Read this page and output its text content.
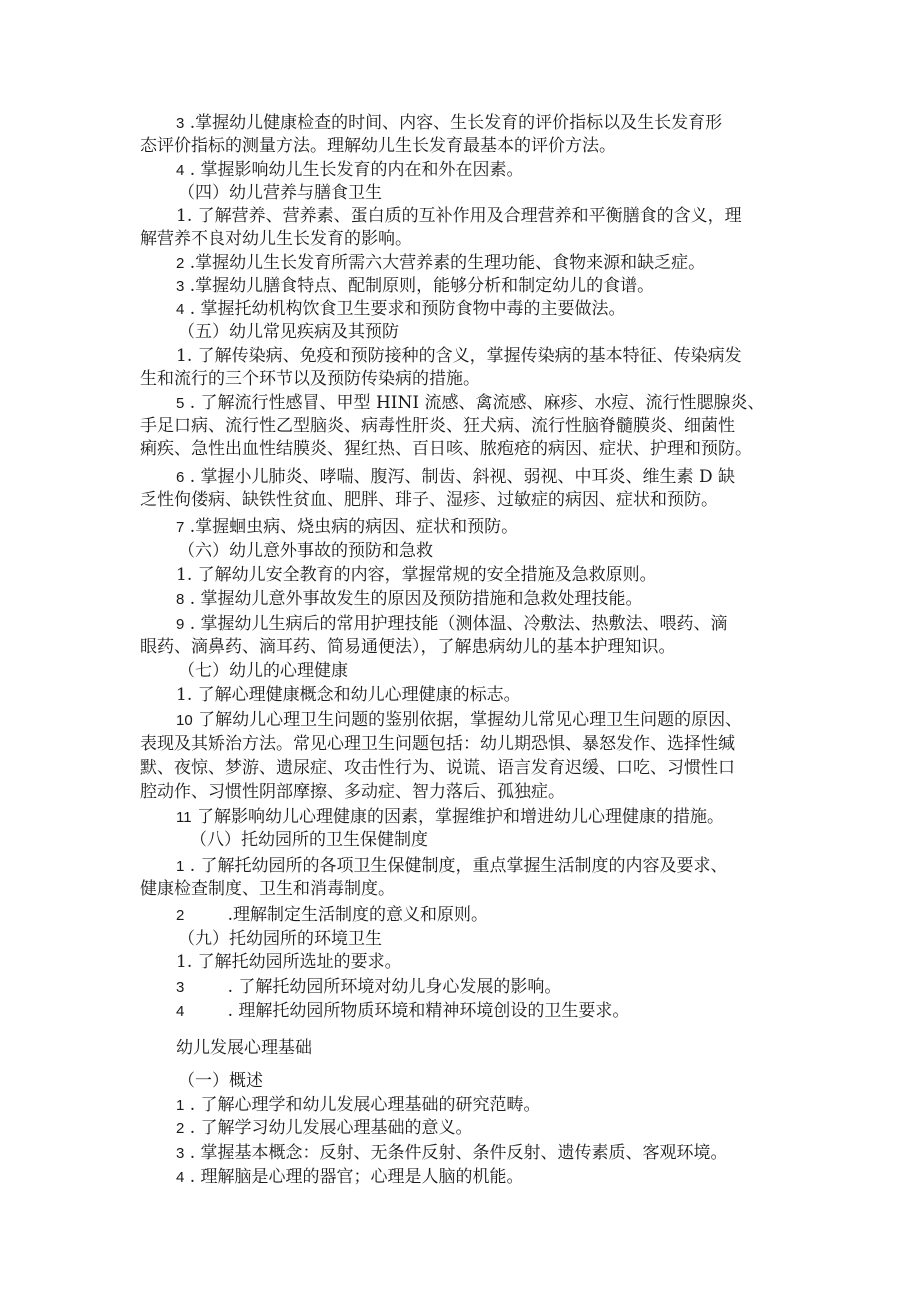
3 .掌握幼儿健康检查的时间、内容、生长发育的评价指标以及生长发育形
态评价指标的测量方法。理解幼儿生长发育最基本的评价方法。
4 . 掌握影响幼儿生长发育的内在和外在因素。
（四）幼儿营养与膳食卫生
1. 了解营养、营养素、蛋白质的互补作用及合理营养和平衡膳食的含义，理
解营养不良对幼儿生长发育的影响。
2 .掌握幼儿生长发育所需六大营养素的生理功能、食物来源和缺乏症。
3 .掌握幼儿膳食特点、配制原则，能够分析和制定幼儿的食谱。
4 . 掌握托幼机构饮食卫生要求和预防食物中毒的主要做法。
（五）幼儿常见疾病及其预防
1. 了解传染病、免疫和预防接种的含义，掌握传染病的基本特征、传染病发
生和流行的三个环节以及预防传染病的措施。
5 . 了解流行性感冒、甲型 HINI 流感、禽流感、麻疹、水痘、流行性腮腺炎、
手足口病、流行性乙型脑炎、病毒性肝炎、狂犬病、流行性脑脊髓膜炎、细菌性
痢疾、急性出血性结膜炎、猩红热、百日咳、脓疱疮的病因、症状、护理和预防。
6 . 掌握小儿肺炎、哮喘、腹泻、制齿、斜视、弱视、中耳炎、维生素 D 缺
乏性佝偻病、缺铁性贫血、肥胖、琲子、湿疹、过敏症的病因、症状和预防。
7 .掌握蛔虫病、烧虫病的病因、症状和预防。
（六）幼儿意外事故的预防和急救
1. 了解幼儿安全教育的内容，掌握常规的安全措施及急救原则。
8 . 掌握幼儿意外事故发生的原因及预防措施和急救处理技能。
9 . 掌握幼儿生病后的常用护理技能（测体温、冷敷法、热敷法、喂药、滴
眼药、滴鼻药、滴耳药、简易通便法），了解患病幼儿的基本护理知识。
（七）幼儿的心理健康
1. 了解心理健康概念和幼儿心理健康的标志。
10 了解幼儿心理卫生问题的鉴别依据，掌握幼儿常见心理卫生问题的原因、
表现及其矫治方法。常见心理卫生问题包括：幼儿期恐惧、暴怒发作、选择性缄
默、夜惊、梦游、遗尿症、攻击性行为、说谎、语言发育迟缓、口吃、习惯性口
腔动作、习惯性阴部摩擦、多动症、智力落后、孤独症。
11 了解影响幼儿心理健康的因素，掌握维护和增进幼儿心理健康的措施。
（八）托幼园所的卫生保健制度
1 . 了解托幼园所的各项卫生保健制度，重点掌握生活制度的内容及要求、
健康检查制度、卫生和消毒制度。
2        .理解制定生活制度的意义和原则。
（九）托幼园所的环境卫生
1. 了解托幼园所选址的要求。
3        . 了解托幼园所环境对幼儿身心发展的影响。
4        . 理解托幼园所物质环境和精神环境创设的卫生要求。
幼儿发展心理基础
（一）概述
1 . 了解心理学和幼儿发展心理基础的研究范畴。
2 . 了解学习幼儿发展心理基础的意义。
3 . 掌握基本概念：反射、无条件反射、条件反射、遗传素质、客观环境。
4 . 理解脑是心理的器官；心理是人脑的机能。
